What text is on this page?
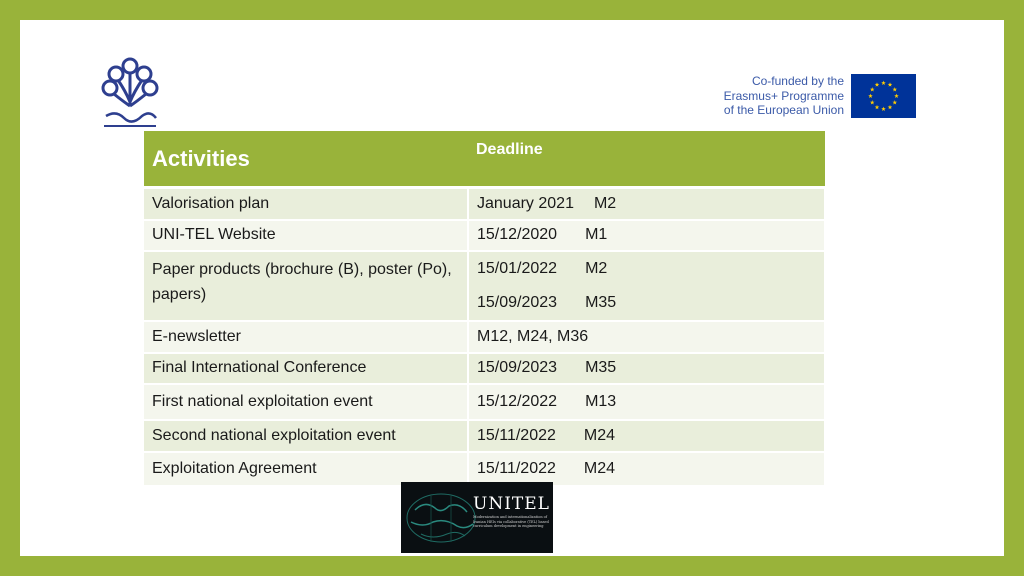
Co-funded by the
Erasmus+ Programme
of the European Union
Activities	Deadline
Valorisation plan	January 2021 M2
UNI-TEL Website	15/12/2020 M1
Paper products (brochure (B), poster (Po), papers)	15/01/2022 M2
15/09/2023 M35

E-newsletter	M12, M24, M36
Final International Conference	15/09/2023 M35
First national exploitation event	15/12/2022 M13
Second national exploitation event	15/11/2022 M24
Exploitation Agreement	15/11/2022 M24
UNITEL
Modernization and internationalization of Iranian HEIs via collaborative (TEL) based curriculum development in engineering
